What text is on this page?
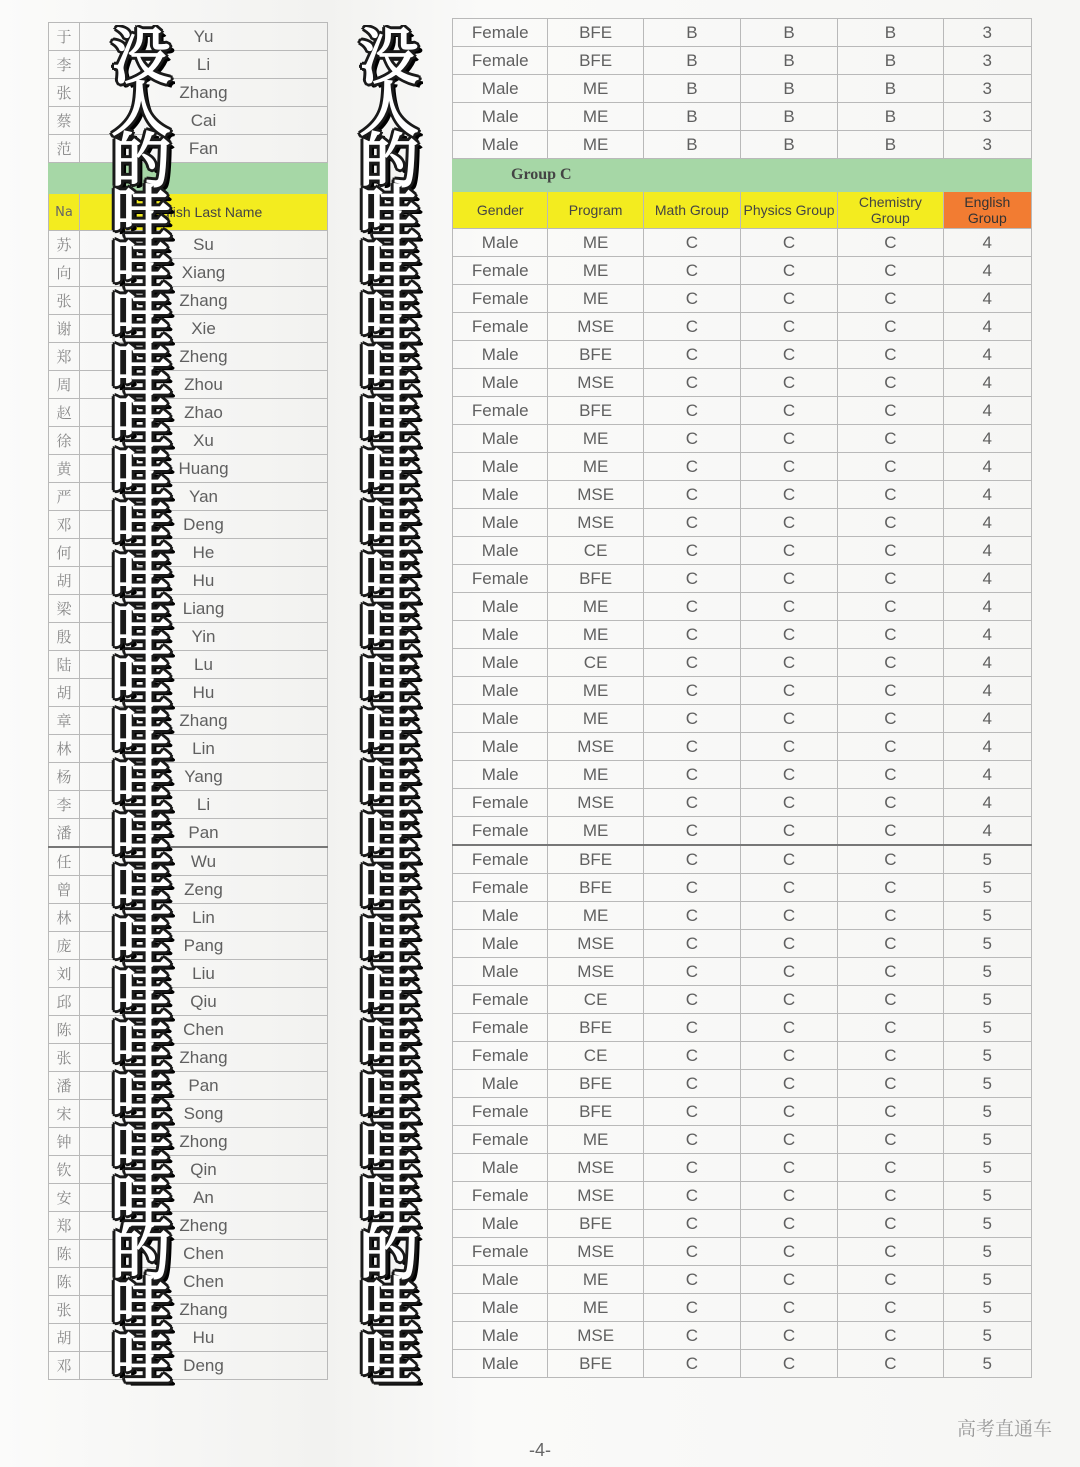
于	Yu
李	Li
张	Zhang
蔡	Cai
范	Fan

Na	English Last Name
苏	Su
向	Xiang
张	Zhang
谢	Xie
郑	Zheng
周	Zhou
赵	Zhao
徐	Xu
黄	Huang
严	Yan
邓	Deng
何	He
胡	Hu
梁	Liang
殷	Yin
陆	Lu
胡	Hu
章	Zhang
林	Lin
杨	Yang
李	Li
潘	Pan
任	Wu
曾	Zeng
林	Lin
庞	Pang
刘	Liu
邱	Qiu
陈	Chen
张	Zhang
潘	Pan
宋	Song
钟	Zhong
钦	Qin
安	An
郑	Zheng
陈	Chen
陈	Chen
张	Zhang
胡	Hu
邓	Deng
Female	BFE	B	B	B	3
Female	BFE	B	B	B	3
Male	ME	B	B	B	3
Male	ME	B	B	B	3
Male	ME	B	B	B	3
Group C					
Gender	Program	Math Group	Physics Group	Chemistry Group	English Group
Male	ME	C	C	C	4
Female	ME	C	C	C	4
Female	ME	C	C	C	4
Female	MSE	C	C	C	4
Male	BFE	C	C	C	4
Male	MSE	C	C	C	4
Female	BFE	C	C	C	4
Male	ME	C	C	C	4
Male	ME	C	C	C	4
Male	MSE	C	C	C	4
Male	MSE	C	C	C	4
Male	CE	C	C	C	4
Female	BFE	C	C	C	4
Male	ME	C	C	C	4
Male	ME	C	C	C	4
Male	CE	C	C	C	4
Male	ME	C	C	C	4
Male	ME	C	C	C	4
Male	MSE	C	C	C	4
Male	ME	C	C	C	4
Female	MSE	C	C	C	4
Female	ME	C	C	C	4
Female	BFE	C	C	C	5
Female	BFE	C	C	C	5
Male	ME	C	C	C	5
Male	MSE	C	C	C	5
Male	MSE	C	C	C	5
Female	CE	C	C	C	5
Female	BFE	C	C	C	5
Female	CE	C	C	C	5
Male	BFE	C	C	C	5
Female	BFE	C	C	C	5
Female	ME	C	C	C	5
Male	MSE	C	C	C	5
Female	MSE	C	C	C	5
Male	BFE	C	C	C	5
Female	MSE	C	C	C	5
Male	ME	C	C	C	5
Male	ME	C	C	C	5
Male	MSE	C	C	C	5
Male	BFE	C	C	C	5
没人的哇哇哇哇哇哇哇哇哇哇哇哇哇哇哇哇哇哇哇哇的哇哇
没人的哇哇哇哇哇哇哇哇哇哇哇哇哇哇哇哇哇哇哇哇的哇哇
-4-
高考直通车
